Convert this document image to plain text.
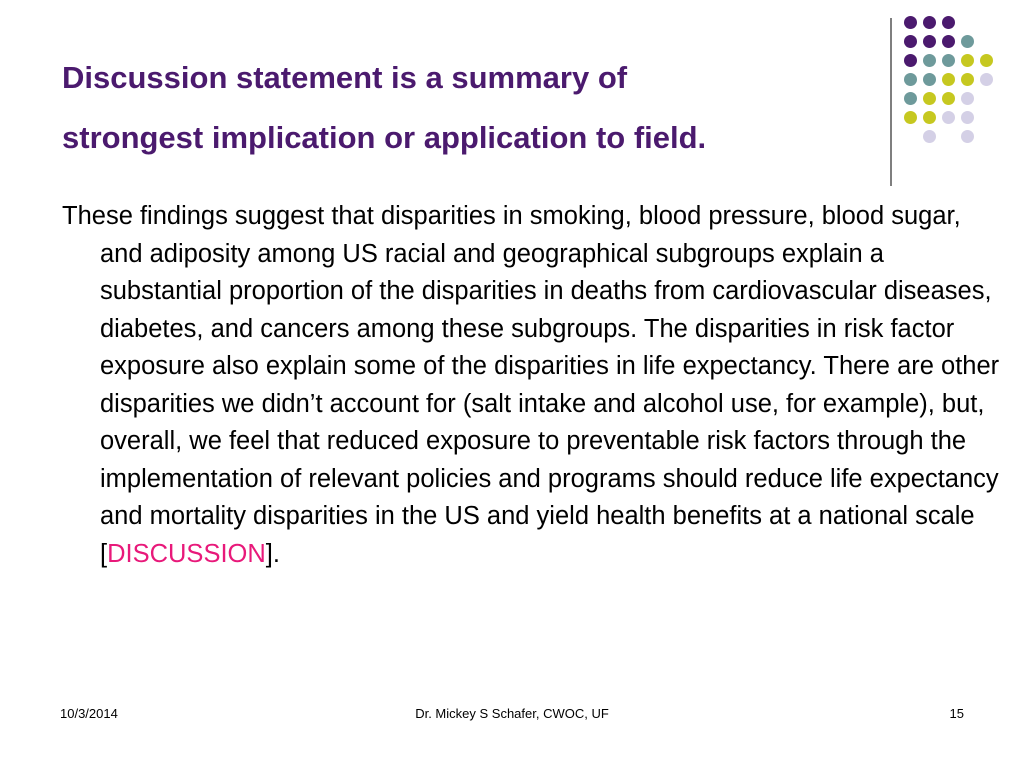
Discussion statement is a summary of
strongest implication or application to field.
These findings suggest that disparities in smoking, blood pressure, blood sugar, and adiposity among US racial and geographical subgroups explain a substantial proportion of the disparities in deaths from cardiovascular diseases, diabetes, and cancers among these subgroups. The disparities in risk factor exposure also explain some of the disparities in life expectancy. There are other disparities we didn’t account for (salt intake and alcohol use, for example), but, overall, we feel that reduced exposure to preventable risk factors through the implementation of relevant policies and programs should reduce life expectancy and mortality disparities in the US and yield health benefits at a national scale [DISCUSSION].
10/3/2014	Dr. Mickey S Schafer, CWOC, UF	15
